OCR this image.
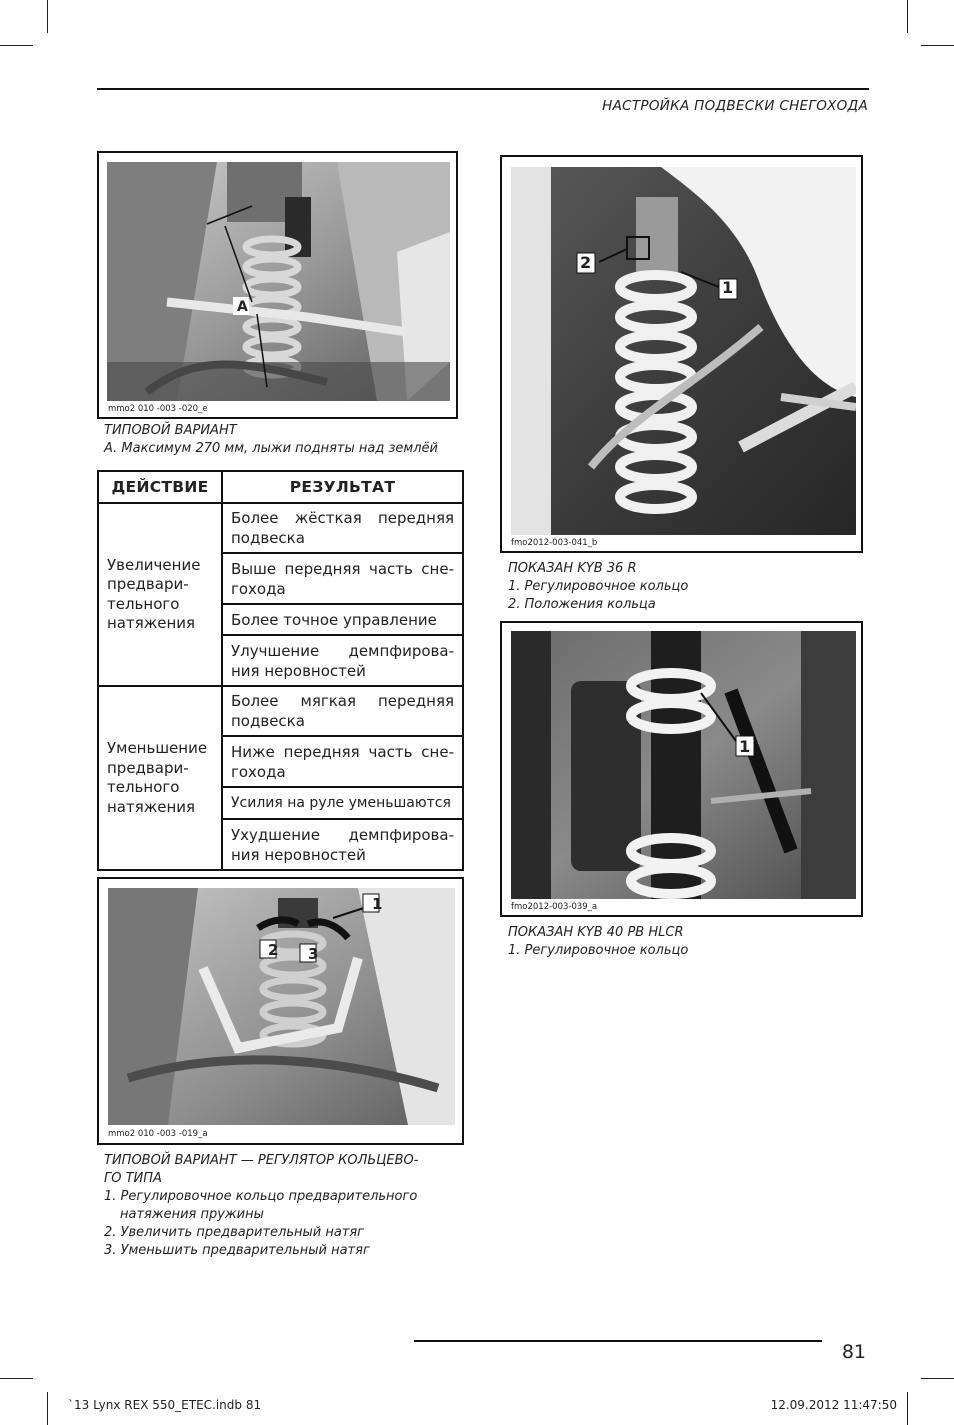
НАСТРОЙКА ПОДВЕСКИ СНЕГОХОДА
A
mmo2 010 -003 -020_e
ТИПОВОЙ ВАРИАНТ
A. Максимум 270 мм, лыжи подняты над землёй
ДЕЙСТВИЕ	РЕЗУЛЬТАТ
Увеличение предвари-тельного натяжения	Более жёсткая передняя подвеска
	Выше передняя часть сне-гохода
	Более точное управление
	Улучшение демпфирова-ния неровностей
Уменьшение предвари-тельного натяжения	Более мягкая передняя подвеска
	Ниже передняя часть сне-гохода
	Усилия на руле уменьшаются
	Ухудшение демпфирова-ния неровностей
1
2 3
mmo2 010 -003 -019_a
ТИПОВОЙ ВАРИАНТ — РЕГУЛЯТОР КОЛЬЦЕВО-
ГО ТИПА
1. Регулировочное кольцо предварительного
натяжения пружины
2. Увеличить предварительный натяг
3. Уменьшить предварительный натяг
1
2
fmo2012-003-041_b
ПОКАЗАН KYB 36 R
1. Регулировочное кольцо
2. Положения кольца
1
fmo2012-003-039_a
ПОКАЗАН KYB 40 PB HLCR
1. Регулировочное кольцо
81
`13 Lynx REX 550_ETEC.indb 81	12.09.2012 11:47:50
